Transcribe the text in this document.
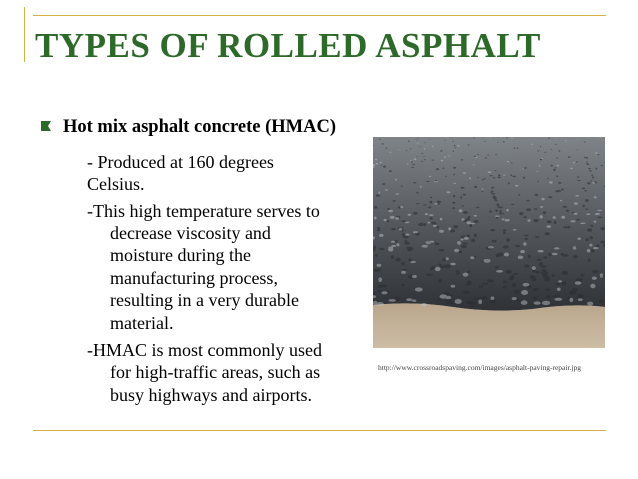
TYPES OF ROLLED ASPHALT
Hot mix asphalt concrete (HMAC)
- Produced at 160 degrees
Celsius.
-This high temperature serves to
decrease viscosity and
moisture during the
manufacturing process,
resulting in a very durable
material.
-HMAC is most commonly used
for high-traffic areas, such as
busy highways and airports.
http://www.crossroadspaving.com/images/asphalt-paving-repair.jpg
